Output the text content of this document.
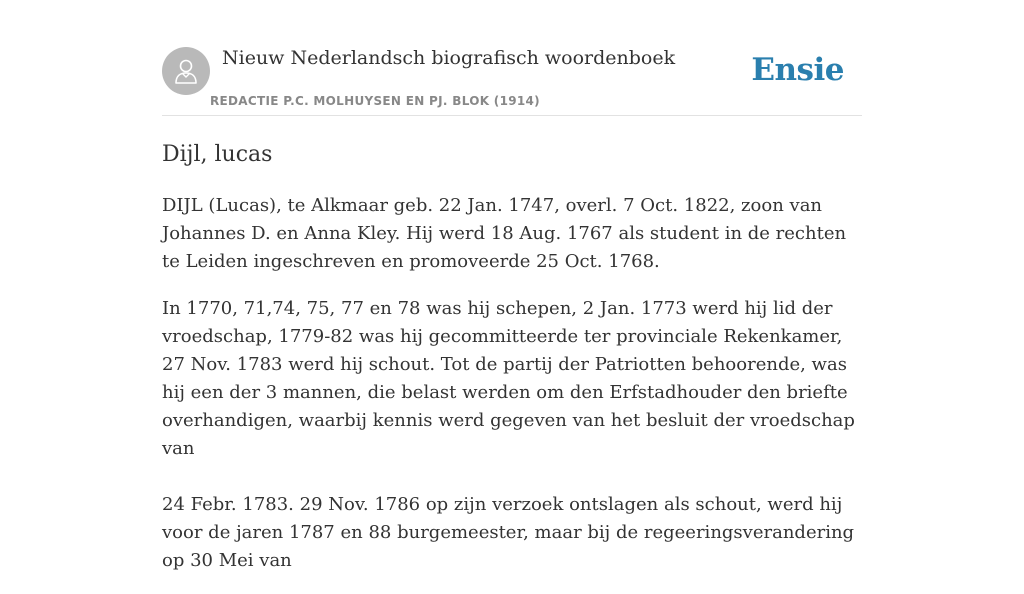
Nieuw Nederlandsch biografisch woordenboek
REDACTIE P.C. MOLHUYSEN EN PJ. BLOK (1914)
Ensie
Dijl, lucas

DIJL (Lucas), te Alkmaar geb. 22 Jan. 1747, overl. 7 Oct. 1822, zoon van Johannes D. en Anna Kley. Hij werd 18 Aug. 1767 als student in de rechten te Leiden ingeschreven en promoveerde 25 Oct. 1768.

In 1770, 71,74, 75, 77 en 78 was hij schepen, 2 Jan. 1773 werd hij lid der vroedschap, 1779-82 was hij gecommitteerde ter provinciale Rekenkamer, 27 Nov. 1783 werd hij schout. Tot de partij der Patriotten behoorende, was hij een der 3 mannen, die belast werden om den Erfstadhouder den briefte overhandigen, waarbij kennis werd gegeven van het besluit der vroedschap van

24 Febr. 1783. 29 Nov. 1786 op zijn verzoek ontslagen als schout, werd hij voor de jaren 1787 en 88 burgemeester, maar bij de regeeringsverandering op 30 Mei van
